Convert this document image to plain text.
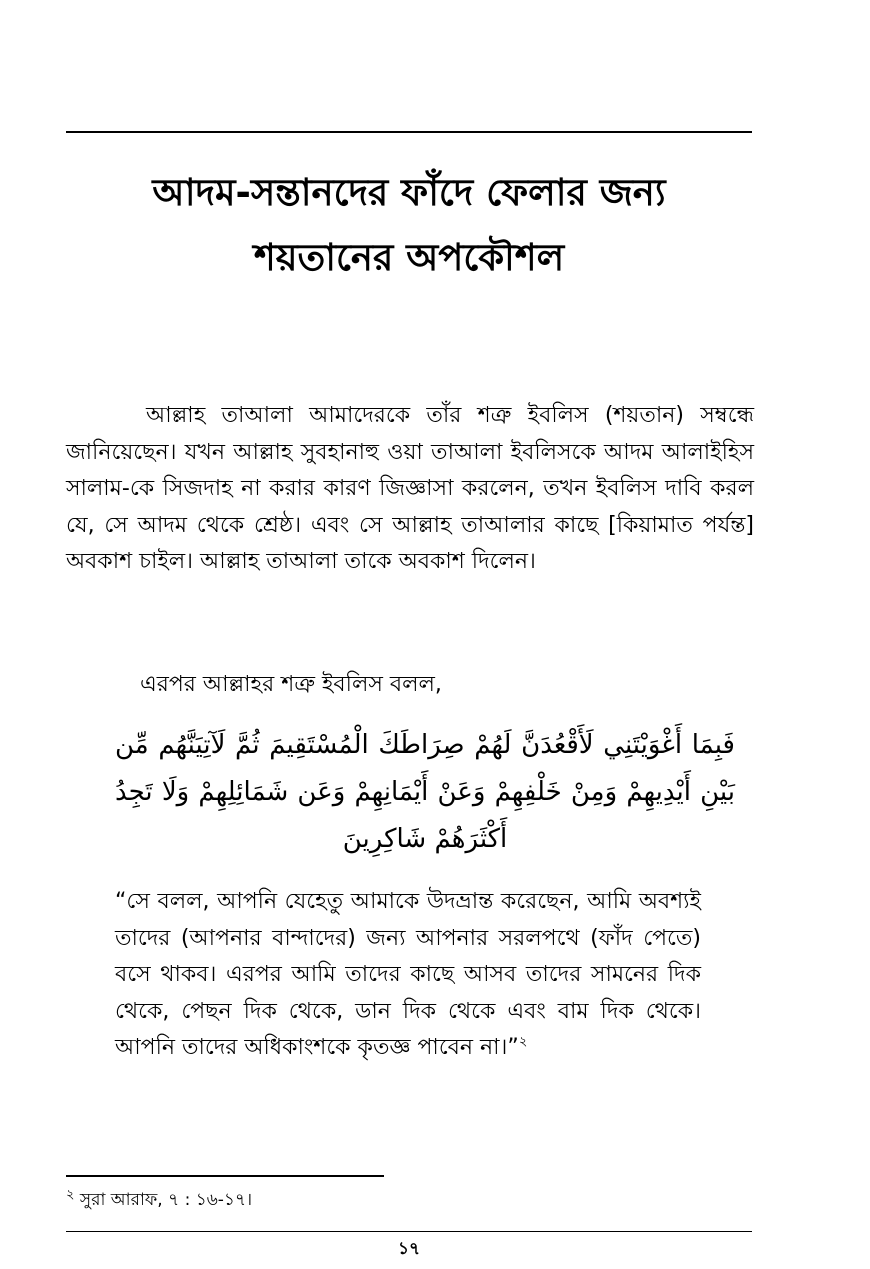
আদম-সন্তানদের ফাঁদে ফেলার জন্য
শয়তানের অপকৌশল

আল্লাহ তাআলা আমাদেরকে তাঁর শত্রু ইবলিস (শয়তান) সম্বন্ধে জানিয়েছেন। যখন আল্লাহ সুবহানাহু ওয়া তাআলা ইবলিসকে আদম আলাইহিস সালাম-কে সিজদাহ না করার কারণ জিজ্ঞাসা করলেন, তখন ইবলিস দাবি করল যে, সে আদম থেকে শ্রেষ্ঠ। এবং সে আল্লাহ তাআলার কাছে [কিয়ামাত পর্যন্ত] অবকাশ চাইল। আল্লাহ তাআলা তাকে অবকাশ দিলেন।

এরপর আল্লাহর শত্রু ইবলিস বলল,

فَبِمَا أَغْوَيْتَنِي لَأَقْعُدَنَّ لَهُمْ صِرَاطَكَ الْمُسْتَقِيمَ ثُمَّ لَآتِيَنَّهُم مِّن بَيْنِ أَيْدِيهِمْ وَمِنْ خَلْفِهِمْ وَعَنْ أَيْمَانِهِمْ وَعَن شَمَائِلِهِمْ وَلَا تَجِدُ أَكْثَرَهُمْ شَاكِرِينَ

“সে বলল, আপনি যেহেতু আমাকে উদভ্রান্ত করেছেন, আমি অবশ্যই তাদের (আপনার বান্দাদের) জন্য আপনার সরলপথে (ফাঁদ পেতে) বসে থাকব। এরপর আমি তাদের কাছে আসব তাদের সামনের দিক থেকে, পেছন দিক থেকে, ডান দিক থেকে এবং বাম দিক থেকে। আপনি তাদের অধিকাংশকে কৃতজ্ঞ পাবেন না।”$^২$

$^২$ সুরা আরাফ, ৭ : ১৬-১৭।
১৭
